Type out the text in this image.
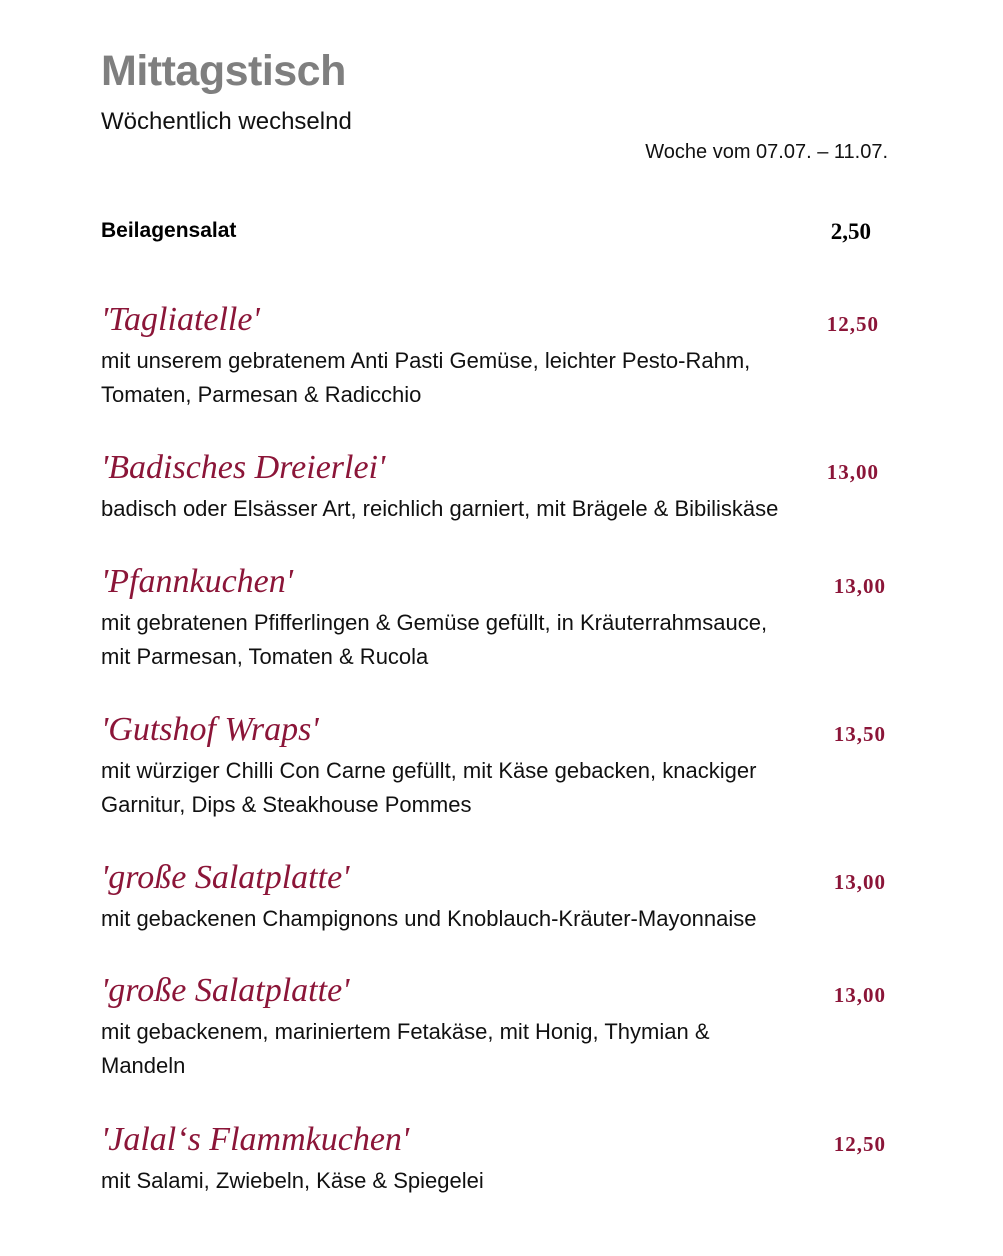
Mittagstisch

Wöchentlich wechselnd

Woche vom 07.07. – 11.07.

Beilagensalat	2,50
'Tagliatelle'	12,50

mit unserem gebratenem Anti Pasti Gemüse, leichter Pesto-Rahm,
Tomaten, Parmesan & Radicchio

'Badisches Dreierlei'	13,00

badisch oder Elsässer Art, reichlich garniert, mit Brägele & Bibiliskäse

'Pfannkuchen'	13,00

mit gebratenen Pfifferlingen & Gemüse gefüllt, in Kräuterrahmsauce,
mit Parmesan, Tomaten & Rucola

'Gutshof Wraps'	13,50

mit würziger Chilli Con Carne gefüllt, mit Käse gebacken, knackiger
Garnitur, Dips & Steakhouse Pommes

'große Salatplatte'	13,00

mit gebackenen Champignons und Knoblauch-Kräuter-Mayonnaise

'große Salatplatte'	13,00

mit gebackenem, mariniertem Fetakäse, mit Honig, Thymian &
Mandeln

'Jalal‘s Flammkuchen'	12,50

mit Salami, Zwiebeln, Käse & Spiegelei
